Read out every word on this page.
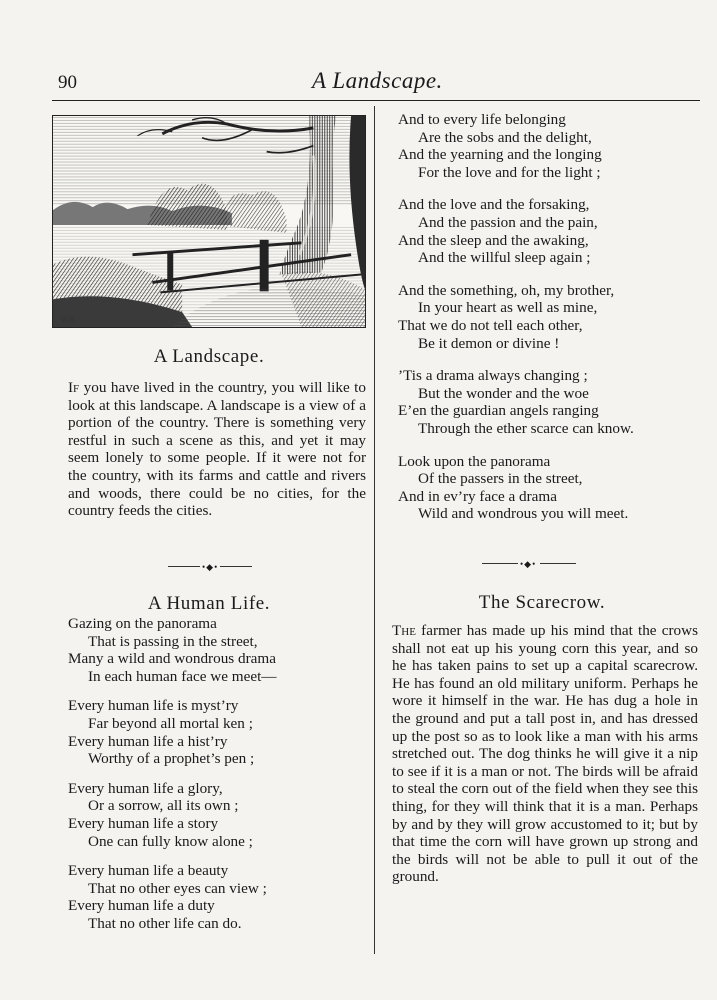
90	A Landscape.
W.B.
A Landscape.

If you have lived in the country, you will like to look at this landscape. A landscape is a view of a portion of the country. There is something very restful in such a scene as this, and yet it may seem lonely to some people. If it were not for the country, with its farms and cattle and rivers and woods, there could be no cities, for the country feeds the cities.

•◆•
A Human Life.
Gazing on the panorama
That is passing in the street,
Many a wild and wondrous drama
In each human face we meet—
Every human life is myst’ry
Far beyond all mortal ken ;
Every human life a hist’ry
Worthy of a prophet’s pen ;
Every human life a glory,
Or a sorrow, all its own ;
Every human life a story
One can fully know alone ;
Every human life a beauty
That no other eyes can view ;
Every human life a duty
That no other life can do.
And to every life belonging
Are the sobs and the delight,
And the yearning and the longing
For the love and for the light ;
And the love and the forsaking,
And the passion and the pain,
And the sleep and the awaking,
And the willful sleep again ;
And the something, oh, my brother,
In your heart as well as mine,
That we do not tell each other,
Be it demon or divine !
’Tis a drama always changing ;
But the wonder and the woe
E’en the guardian angels ranging
Through the ether scarce can know.
Look upon the panorama
Of the passers in the street,
And in ev’ry face a drama
Wild and wondrous you will meet.
•◆•
The Scarecrow.

The farmer has made up his mind that the crows shall not eat up his young corn this year, and so he has taken pains to set up a capital scarecrow. He has found an old military uniform. Perhaps he wore it himself in the war. He has dug a hole in the ground and put a tall post in, and has dressed up the post so as to look like a man with his arms stretched out. The dog thinks he will give it a nip to see if it is a man or not. The birds will be afraid to steal the corn out of the field when they see this thing, for they will think that it is a man. Perhaps by and by they will grow accustomed to it; but by that time the corn will have grown up strong and the birds will not be able to pull it out of the ground.
